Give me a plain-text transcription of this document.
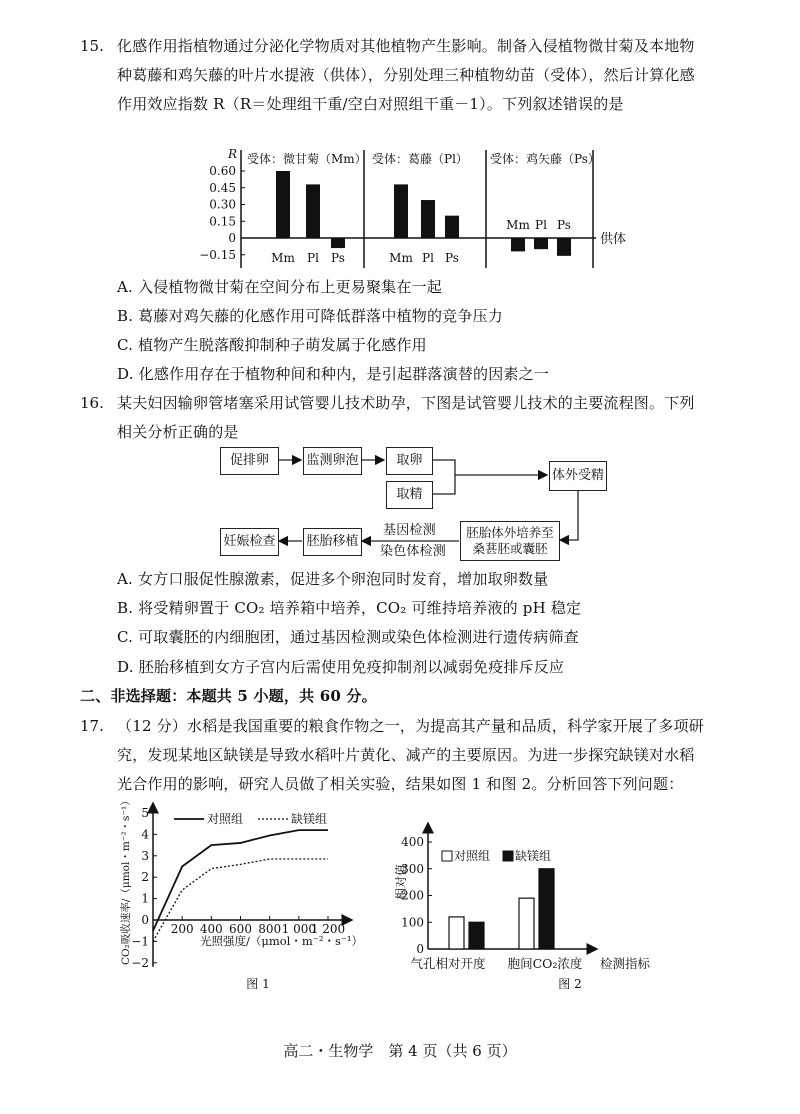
15. 化感作用指植物通过分泌化学物质对其他植物产生影响。制备入侵植物微甘菊及本地物
种葛藤和鸡矢藤的叶片水提液（供体），分别处理三种植物幼苗（受体），然后计算化感
作用效应指数 R（R＝处理组干重/空白对照组干重－1）。下列叙述错误的是
A. 入侵植物微甘菊在空间分布上更易聚集在一起
B. 葛藤对鸡矢藤的化感作用可降低群落中植物的竞争压力
C. 植物产生脱落酸抑制种子萌发属于化感作用
D. 化感作用存在于植物种间和种内，是引起群落演替的因素之一
16. 某夫妇因输卵管堵塞采用试管婴儿技术助孕，下图是试管婴儿技术的主要流程图。下列
相关分析正确的是
促排卵	监测卵泡	取卵
取精
体外受精
胚胎体外培养至桑葚胚或囊胚
胚胎移植
妊娠检查
基因检测
染色体检测
A. 女方口服促性腺激素，促进多个卵泡同时发育，增加取卵数量
B. 将受精卵置于 CO₂ 培养箱中培养，CO₂ 可维持培养液的 pH 稳定
C. 可取囊胚的内细胞团，通过基因检测或染色体检测进行遗传病筛查
D. 胚胎移植到女方子宫内后需使用免疫抑制剂以减弱免疫排斥反应
二、非选择题：本题共 5 小题，共 60 分。
17. （12 分）水稻是我国重要的粮食作物之一，为提高其产量和品质，科学家开展了多项研
究，发现某地区缺镁是导致水稻叶片黄化、减产的主要原因。为进一步探究缺镁对水稻
光合作用的影响，研究人员做了相关实验，结果如图 1 和图 2。分析回答下列问题：
高二・生物学　第 4 页（共 6 页）
R
0.60
0.45
0.30
0.15
0
−0.15
供体
受体：微甘菊（Mm）
Mm Pl Ps
受体：葛藤（Pl）
Mm Pl Ps
受体：鸡矢藤（Ps）
Mm Pl Ps
5
4
3
2
1
0
−1
−2
200 400 600 800 1 000
1 200
光照强度/（μmol・m⁻²・s⁻¹）
CO₂吸收速率/（μmol・m⁻²・s⁻¹）	对照组	缺镁组
图 1
400
300
200
100
0
相对值
气孔相对开度 胞间CO₂浓度
对照组 缺镁组
检测指标
图 2
